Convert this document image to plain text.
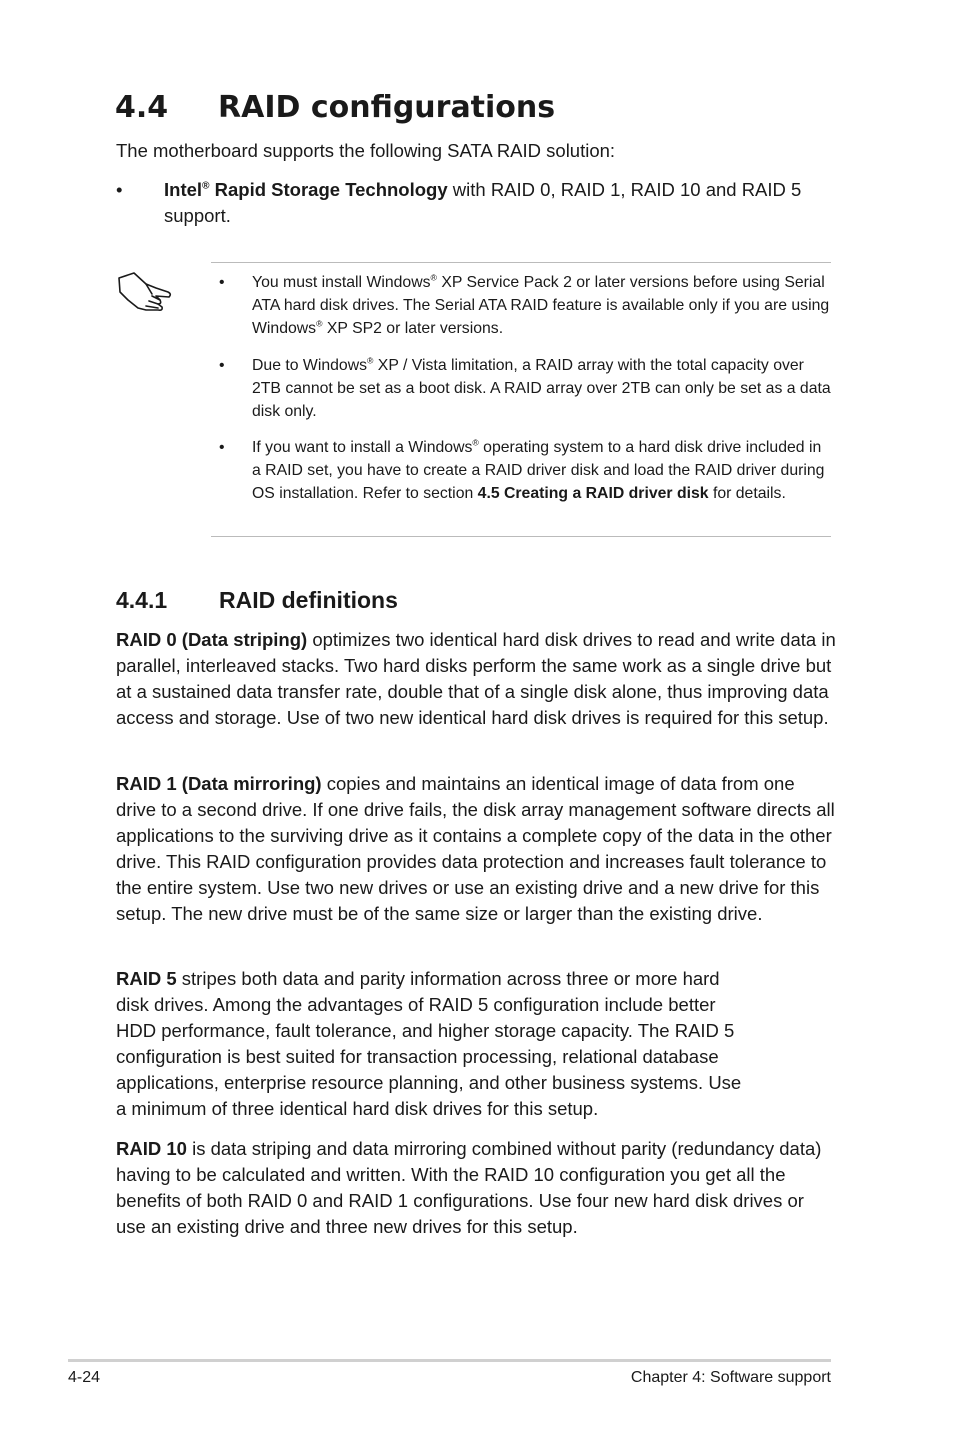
4.4 RAID configurations
The motherboard supports the following SATA RAID solution:
• Intel® Rapid Storage Technology with RAID 0, RAID 1, RAID 10 and RAID 5 support.
• You must install Windows® XP Service Pack 2 or later versions before using Serial ATA hard disk drives. The Serial ATA RAID feature is available only if you are using Windows® XP SP2 or later versions.
• Due to Windows® XP / Vista limitation, a RAID array with the total capacity over 2TB cannot be set as a boot disk. A RAID array over 2TB can only be set as a data disk only.
• If you want to install a Windows® operating system to a hard disk drive included in a RAID set, you have to create a RAID driver disk and load the RAID driver during OS installation. Refer to section 4.5 Creating a RAID driver disk for details.
4.4.1 RAID definitions

RAID 0 (Data striping) optimizes two identical hard disk drives to read and write data in parallel, interleaved stacks. Two hard disks perform the same work as a single drive but at a sustained data transfer rate, double that of a single disk alone, thus improving data access and storage. Use of two new identical hard disk drives is required for this setup.

RAID 1 (Data mirroring) copies and maintains an identical image of data from one drive to a second drive. If one drive fails, the disk array management software directs all applications to the surviving drive as it contains a complete copy of the data in the other drive. This RAID configuration provides data protection and increases fault tolerance to the entire system. Use two new drives or use an existing drive and a new drive for this setup. The new drive must be of the same size or larger than the existing drive.

RAID 5 stripes both data and parity information across three or more hard disk drives. Among the advantages of RAID 5 configuration include better HDD performance, fault tolerance, and higher storage capacity. The RAID 5 configuration is best suited for transaction processing, relational database applications, enterprise resource planning, and other business systems. Use a minimum of three identical hard disk drives for this setup.

RAID 10 is data striping and data mirroring combined without parity (redundancy data) having to be calculated and written. With the RAID 10 configuration you get all the benefits of both RAID 0 and RAID 1 configurations. Use four new hard disk drives or use an existing drive and three new drives for this setup.

4-24	Chapter 4: Software support
